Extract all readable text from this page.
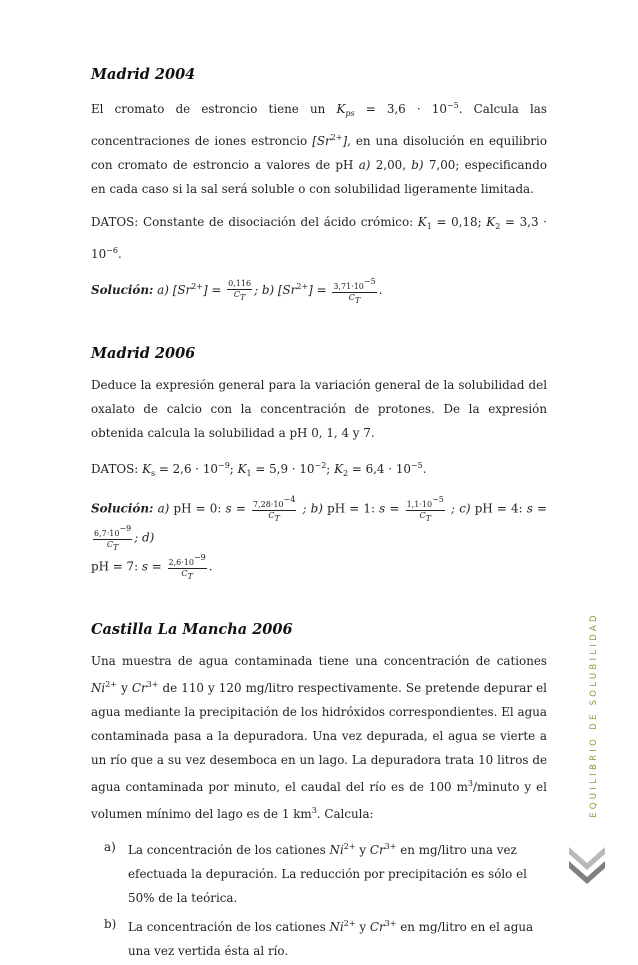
Madrid 2004

El cromato de estroncio tiene un $K_{ps} = 3,6 \cdot 10^{-5}$. Calcula las concentraciones de iones estroncio $[Sr^{2+}]$, en una disolución en equilibrio con cromato de estroncio a valores de pH a) 2,00, b) 7,00; especificando en cada caso si la sal será soluble o con solubilidad ligeramente limitada.

DATOS: Constante de disociación del ácido crómico: $K_1 = 0,18$; $K_2 = 3,3 \cdot 10^{-6}$.

Solución: a) $[Sr^{2+}] = \frac{0,116}{CT}$ ; b) $[Sr^{2+}] = \frac{3,71\cdot 10-5}{CT}$ .

Madrid 2006

Deduce la expresión general para la variación general de la solubilidad del oxalato de calcio con la concentración de protones. De la expresión obtenida calcula la solubilidad a pH 0, 1, 4 y 7.

DATOS: $K_s = 2,6 \cdot 10^{-9}$; $K_1 = 5,9 \cdot 10^{-2}$; $K_2 = 6,4 \cdot 10^{-5}$.

Solución: a) pH = 0: $s = \frac{7,28\cdot 10-4}{CT}$ ; b) pH = 1: $s = \frac{1,1\cdot 10-5}{CT}$ ; c) pH = 4: s =
$\frac{6,7\cdot 10-9}{CT}$ ; d)
pH = 7: $s = \frac{2,6\cdot 10-9}{CT}$ .

Castilla La Mancha 2006

Una muestra de agua contaminada tiene una concentración de cationes $Ni^{2+}$ y $Cr^{3+}$ de 110 y 120 mg/litro respectivamente. Se pretende depurar el agua mediante la precipitación de los hidróxidos correspondientes. El agua contaminada pasa a la depuradora. Una vez depurada, el agua se vierte a un río que a su vez desemboca en un lago. La depuradora trata 10 litros de agua contaminada por minuto, el caudal del río es de 100 $m^3$/minuto y el volumen mínimo del lago es de 1 $km^3$. Calcula:

a) La concentración de los cationes $Ni^{2+}$ y $Cr^{3+}$ en mg/litro una vez efectuada la depuración. La reducción por precipitación es sólo el 50% de la teórica.
b) La concentración de los cationes $Ni^{2+}$ y $Cr^{3+}$ en mg/litro en el agua una vez vertida ésta al río.
EQUILIBRIO DE SOLUBILIDAD
